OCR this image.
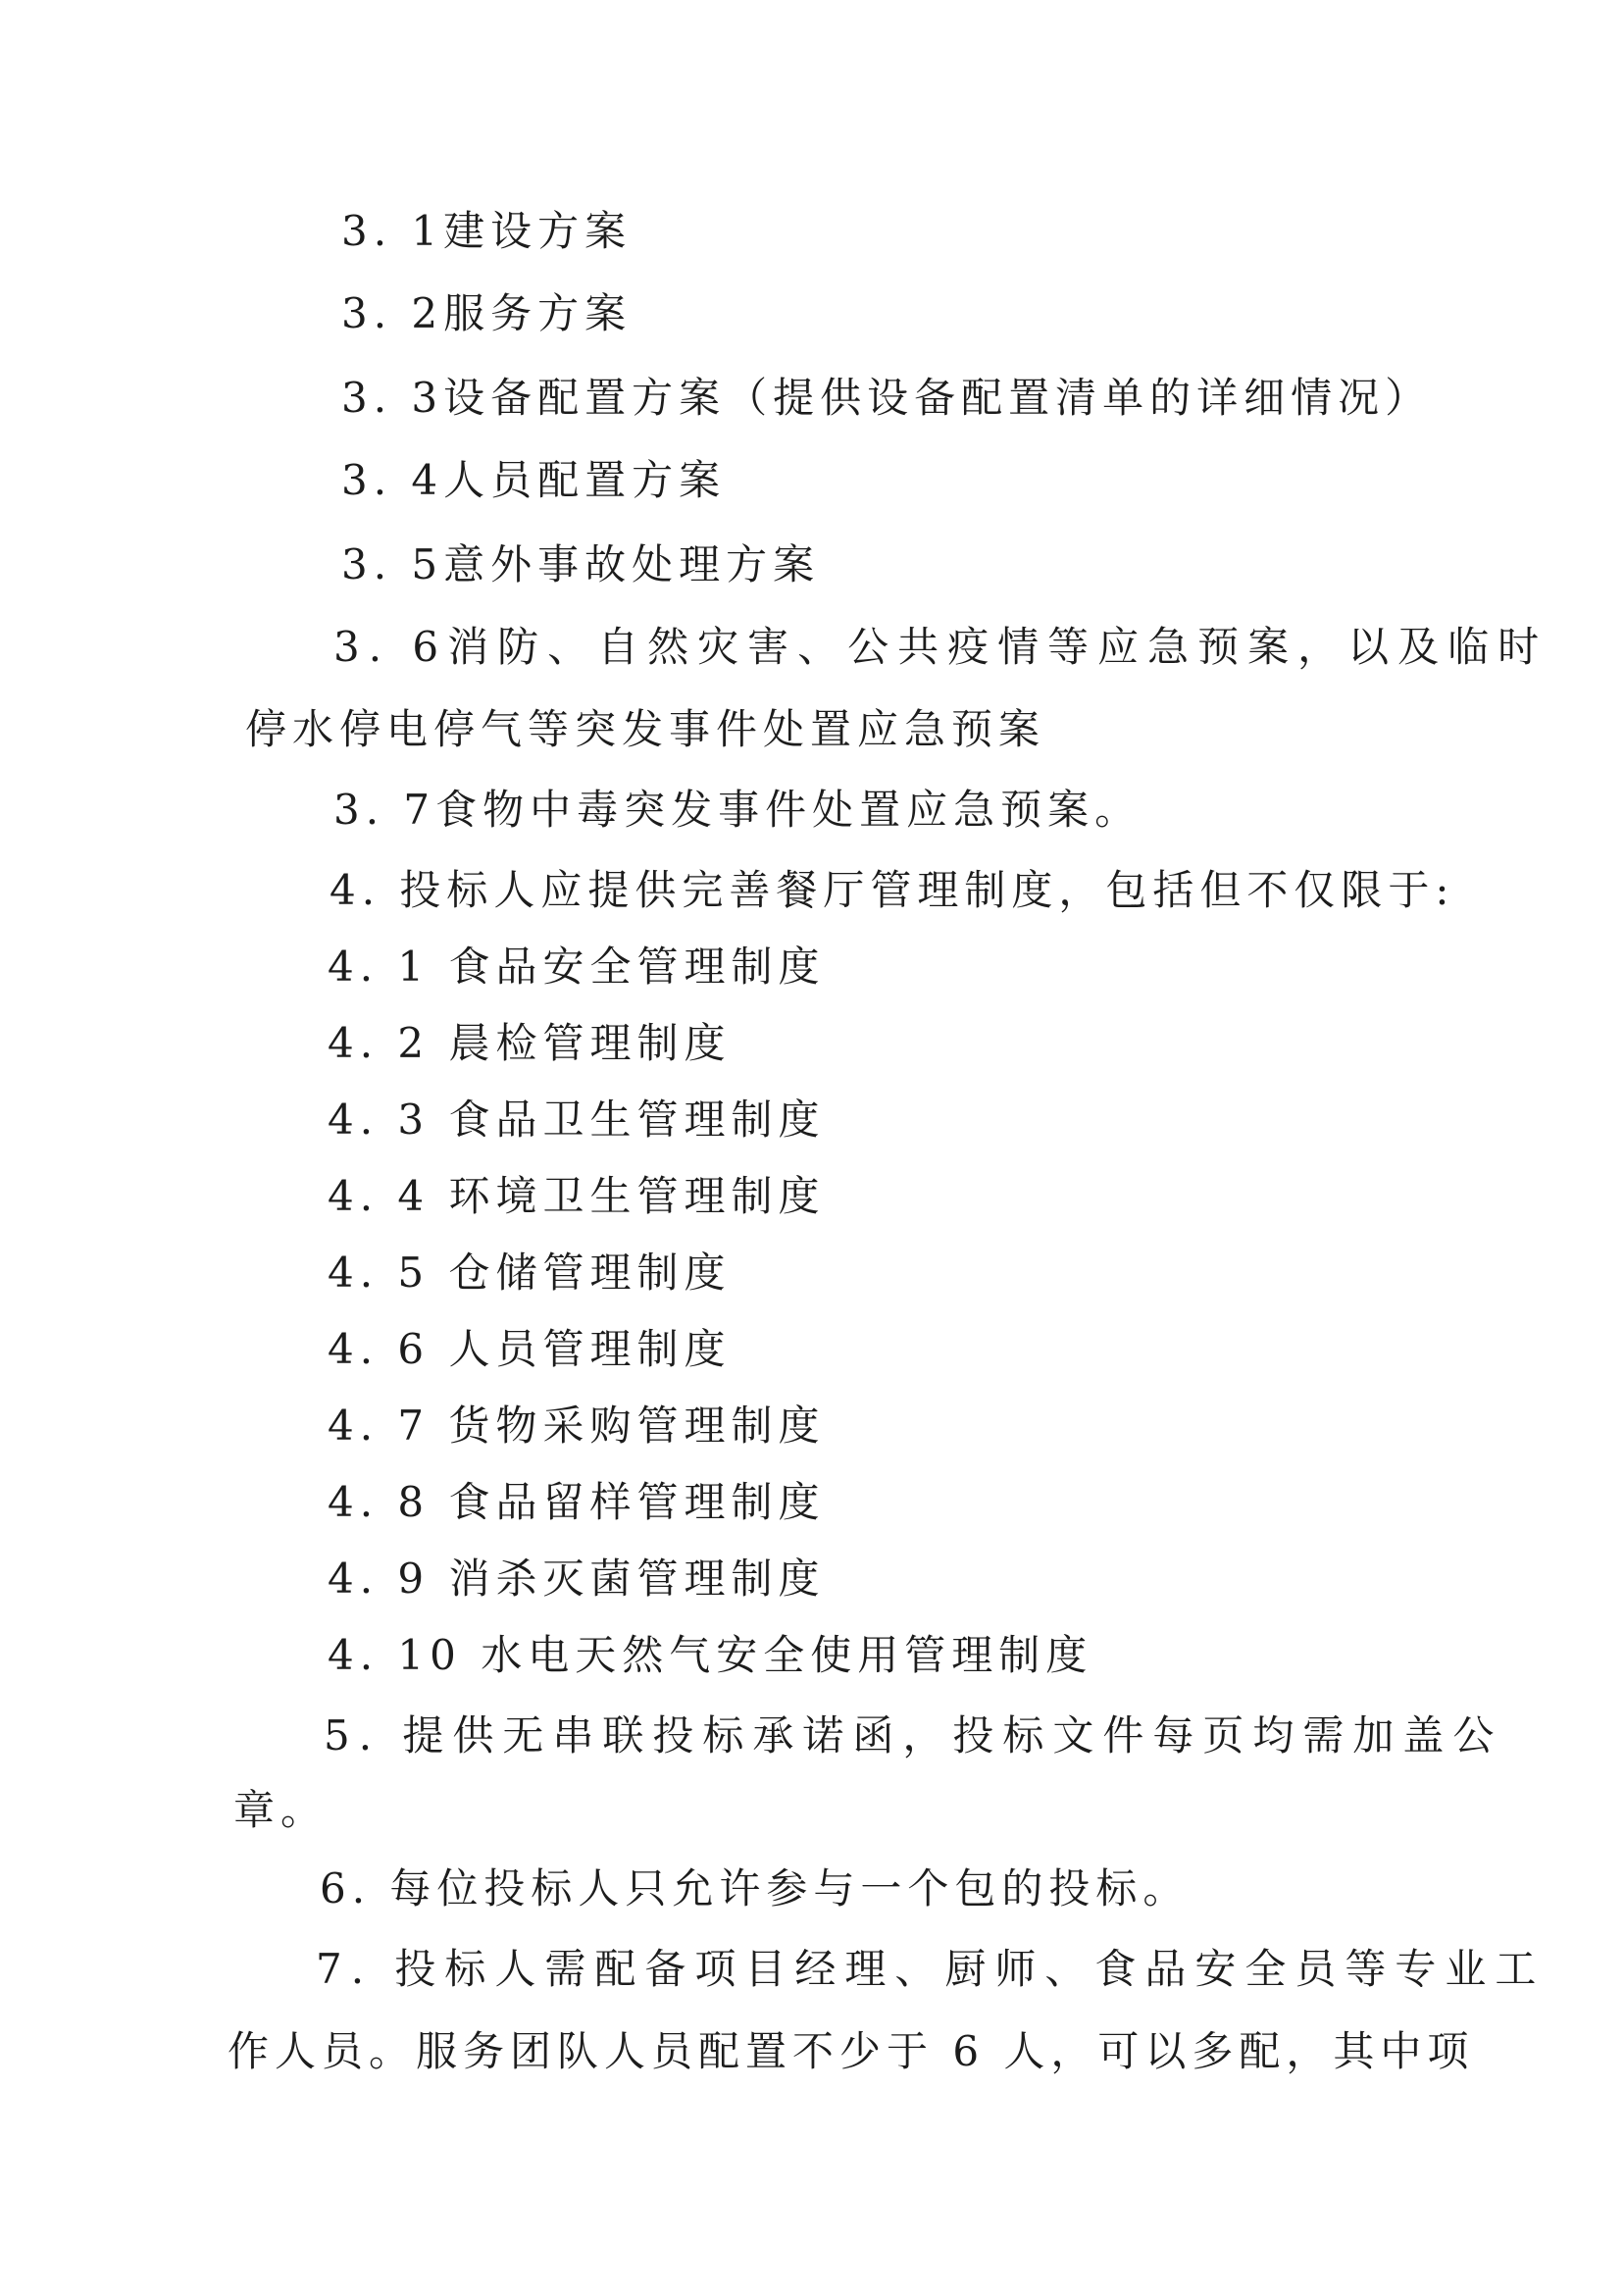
3. 1建设方案
3. 2服务方案
3. 3设备配置方案（提供设备配置清单的详细情况）
3. 4人员配置方案
3. 5意外事故处理方案
3. 6消防、自然灾害、公共疫情等应急预案，以及临时
停水停电停气等突发事件处置应急预案
3. 7食物中毒突发事件处置应急预案。
4. 投标人应提供完善餐厅管理制度，包括但不仅限于:
4. 1 食品安全管理制度
4. 2 晨检管理制度
4. 3 食品卫生管理制度
4. 4 环境卫生管理制度
4. 5 仓储管理制度
4. 6 人员管理制度
4. 7 货物采购管理制度
4. 8 食品留样管理制度
4. 9 消杀灭菌管理制度
4. 10 水电天然气安全使用管理制度
5. 提供无串联投标承诺函，投标文件每页均需加盖公
章。
6. 每位投标人只允许参与一个包的投标。
7. 投标人需配备项目经理、厨师、食品安全员等专业工
作人员。服务团队人员配置不少于 6 人，可以多配，其中项
